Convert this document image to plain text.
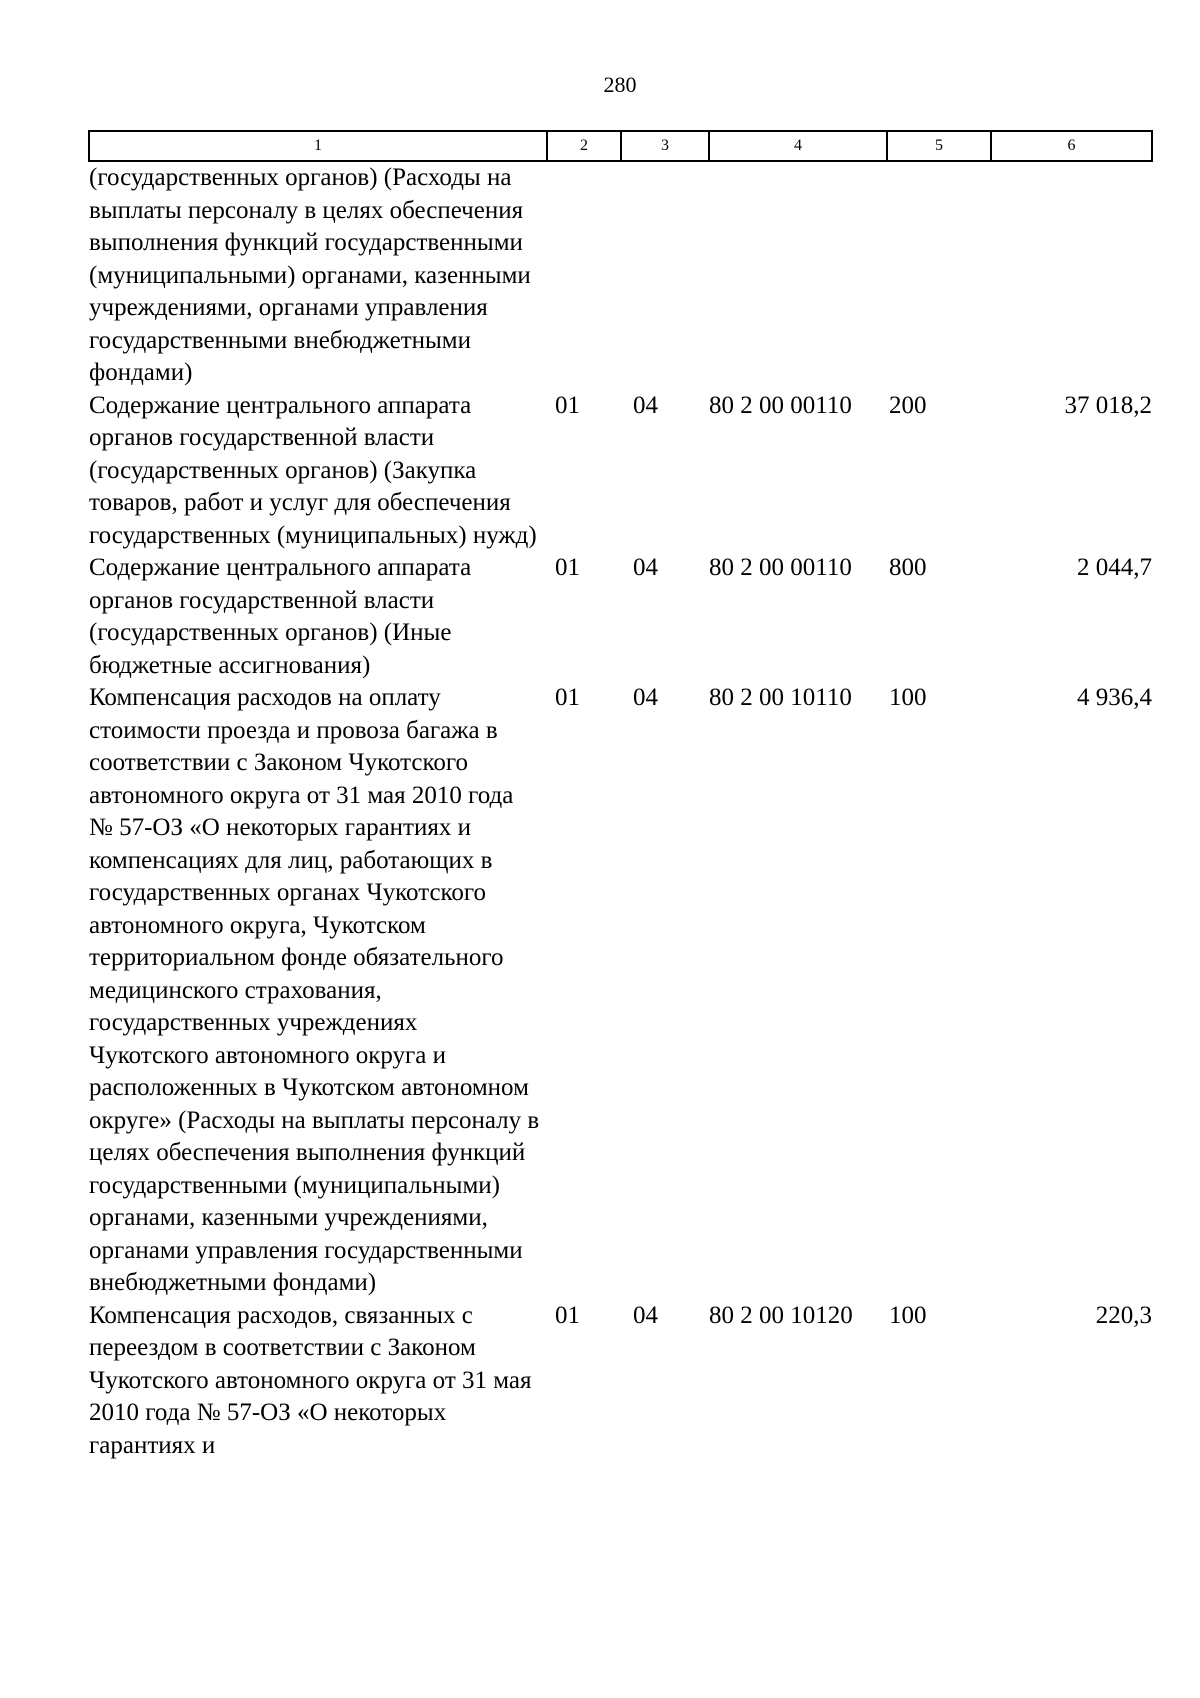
280
1	2	3	4	5	6
(государственных органов) (Расходы на выплаты персоналу в целях обеспечения выполнения функций государственными (муниципальными) органами, казенными учреждениями, органами управления государственными внебюджетными фондами)					
Содержание центрального аппарата органов государственной власти (государственных органов) (Закупка товаров, работ и услуг для обеспечения государственных (муниципальных) нужд)	01	04	80 2 00 00110	200	37 018,2
Содержание центрального аппарата органов государственной власти (государственных органов) (Иные бюджетные ассигнования)	01	04	80 2 00 00110	800	2 044,7
Компенсация расходов на оплату стоимости проезда и провоза багажа в соответствии с Законом Чукотского автономного округа от 31 мая 2010 года № 57-ОЗ «О некоторых гарантиях и компенсациях для лиц, работающих в государственных органах Чукотского автономного округа, Чукотском территориальном фонде обязательного медицинского страхования, государственных учреждениях Чукотского автономного округа и расположенных в Чукотском автономном округе» (Расходы на выплаты персоналу в целях обеспечения выполнения функций государственными (муниципальными) органами, казенными учреждениями, органами управления государственными внебюджетными фондами)	01	04	80 2 00 10110	100	4 936,4
Компенсация расходов, связанных с переездом в соответствии с Законом Чукотского автономного округа от 31 мая 2010 года № 57-ОЗ «О некоторых гарантиях и	01	04	80 2 00 10120	100	220,3
